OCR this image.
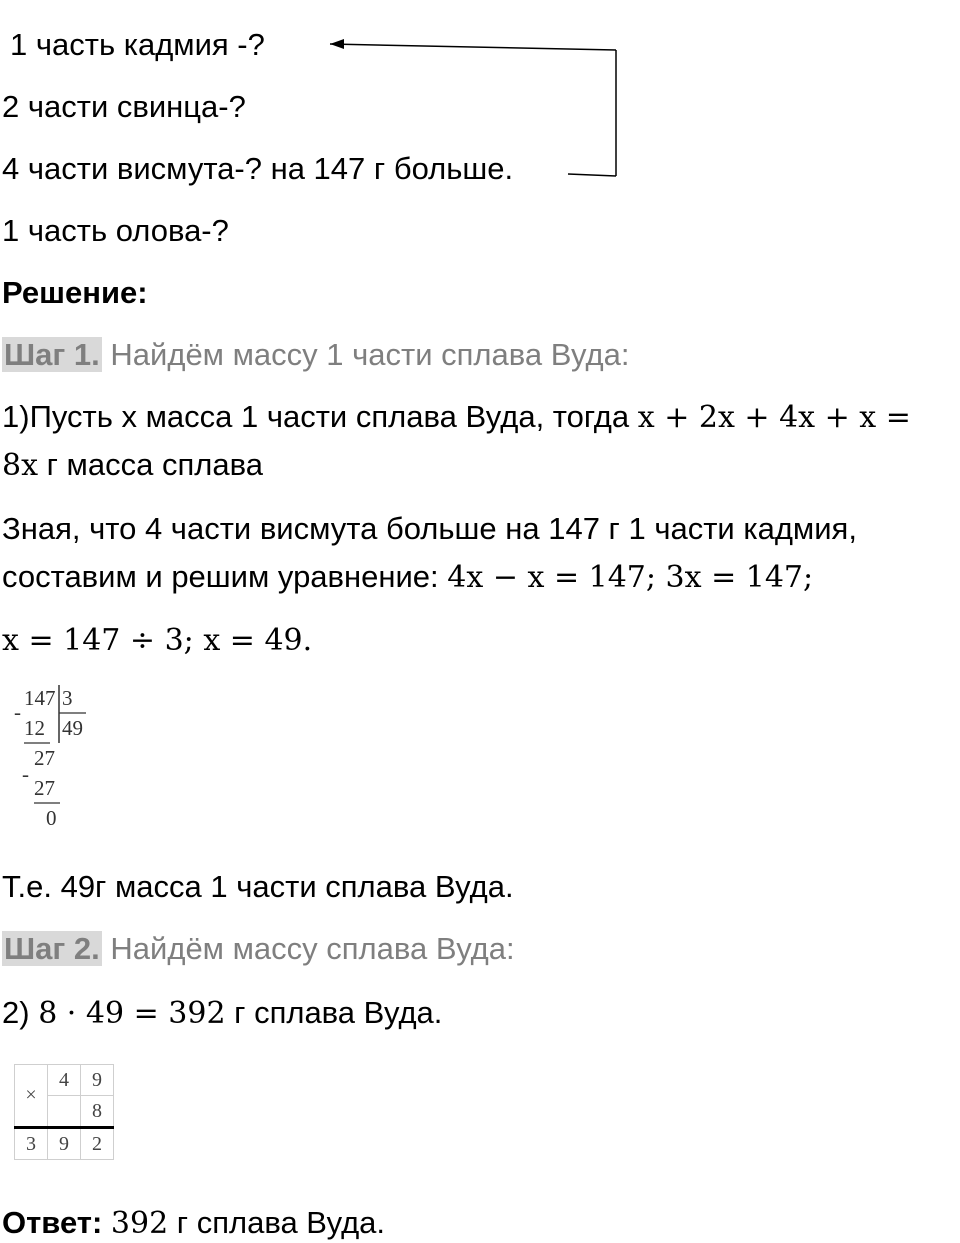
1 часть кадмия -?
2 части свинца-?
4 части висмута-? на 147 г больше.
1 часть олова-?
Решение:
Шаг 1. Найдём массу 1 части сплава Вуда:
1)Пусть х масса 1 части сплава Вуда, тогда x + 2x + 4x + x =
8x г масса сплава
Зная, что 4 части висмута больше на 147 г 1 части кадмия,
составим и решим уравнение: 4x − x = 147; 3x = 147;
x = 147 ÷ 3; x = 49.
-
147 3
49
12
27
-
27
0
Т.е. 49г масса 1 части сплава Вуда.
Шаг 2. Найдём массу сплава Вуда:
2) 8 · 49 = 392 г сплава Вуда.
×	4	9
		8
3	9	2
Ответ: 392 г сплава Вуда.
